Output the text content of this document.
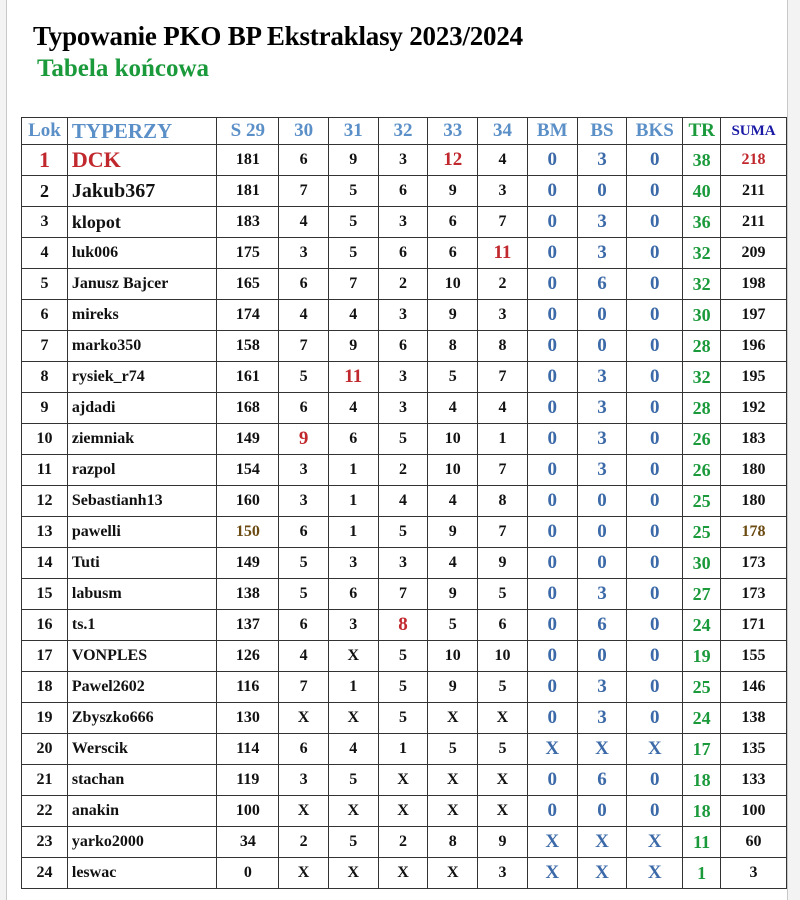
Typowanie PKO BP Ekstraklasy 2023/2024
Tabela końcowa
Lok	TYPERZY	S 29	30	31	32	33	34	BM	BS	BKS	TR	SUMA
1	DCK	181	6	9	3	12	4	0	3	0	38	218
2	Jakub367	181	7	5	6	9	3	0	0	0	40	211
3	klopot	183	4	5	3	6	7	0	3	0	36	211
4	luk006	175	3	5	6	6	11	0	3	0	32	209
5	Janusz Bajcer	165	6	7	2	10	2	0	6	0	32	198
6	mireks	174	4	4	3	9	3	0	0	0	30	197
7	marko350	158	7	9	6	8	8	0	0	0	28	196
8	rysiek_r74	161	5	11	3	5	7	0	3	0	32	195
9	ajdadi	168	6	4	3	4	4	0	3	0	28	192
10	ziemniak	149	9	6	5	10	1	0	3	0	26	183
11	razpol	154	3	1	2	10	7	0	3	0	26	180
12	Sebastianh13	160	3	1	4	4	8	0	0	0	25	180
13	pawelli	150	6	1	5	9	7	0	0	0	25	178
14	Tuti	149	5	3	3	4	9	0	0	0	30	173
15	labusm	138	5	6	7	9	5	0	3	0	27	173
16	ts.1	137	6	3	8	5	6	0	6	0	24	171
17	VONPLES	126	4	X	5	10	10	0	0	0	19	155
18	Pawel2602	116	7	1	5	9	5	0	3	0	25	146
19	Zbyszko666	130	X	X	5	X	X	0	3	0	24	138
20	Werscik	114	6	4	1	5	5	X	X	X	17	135
21	stachan	119	3	5	X	X	X	0	6	0	18	133
22	anakin	100	X	X	X	X	X	0	0	0	18	100
23	yarko2000	34	2	5	2	8	9	X	X	X	11	60
24	leswac	0	X	X	X	X	3	X	X	X	1	3
